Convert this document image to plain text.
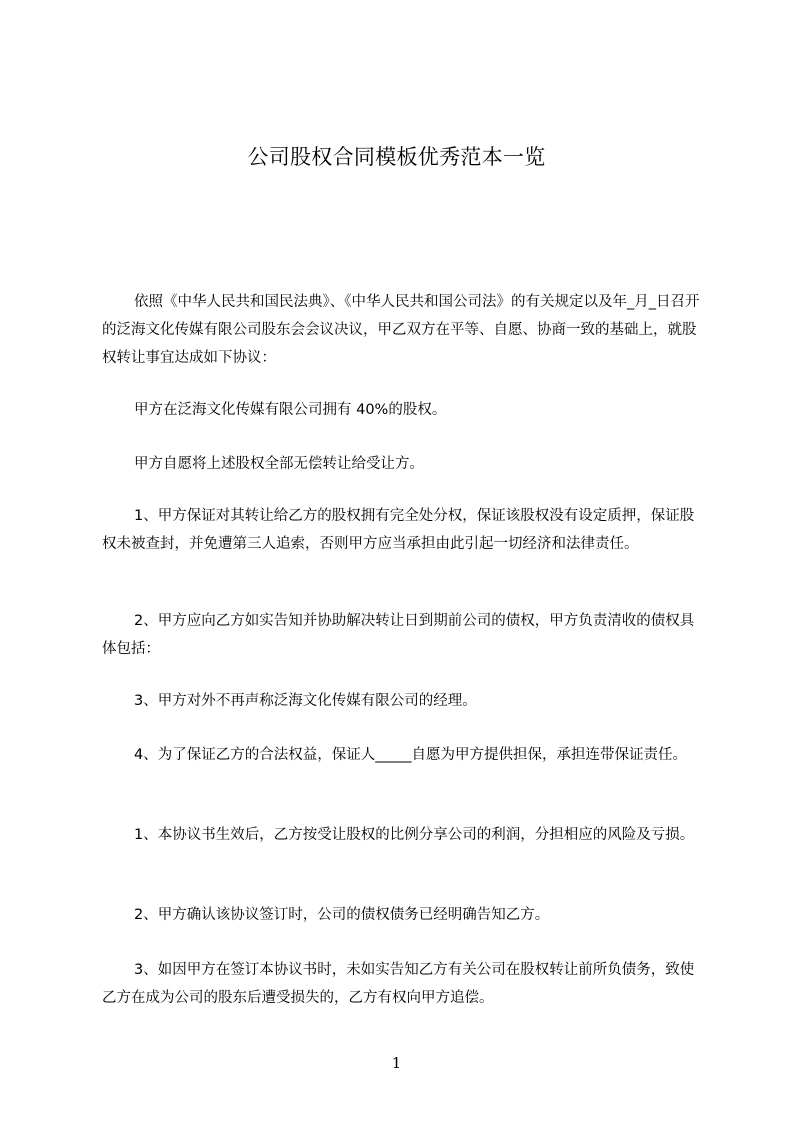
公司股权合同模板优秀范本一览

依照《中华人民共和国民法典》、《中华人民共和国公司法》的有关规定以及年_月_日召开的泛海文化传媒有限公司股东会会议决议，甲乙双方在平等、自愿、协商一致的基础上，就股权转让事宜达成如下协议：

甲方在泛海文化传媒有限公司拥有 40%的股权。

甲方自愿将上述股权全部无偿转让给受让方。

1、甲方保证对其转让给乙方的股权拥有完全处分权，保证该股权没有设定质押，保证股权未被查封，并免遭第三人追索，否则甲方应当承担由此引起一切经济和法律责任。

2、甲方应向乙方如实告知并协助解决转让日到期前公司的债权，甲方负责清收的债权具体包括：

3、甲方对外不再声称泛海文化传媒有限公司的经理。

4、为了保证乙方的合法权益，保证人_____自愿为甲方提供担保，承担连带保证责任。

1、本协议书生效后，乙方按受让股权的比例分享公司的利润，分担相应的风险及亏损。

2、甲方确认该协议签订时，公司的债权债务已经明确告知乙方。

3、如因甲方在签订本协议书时，未如实告知乙方有关公司在股权转让前所负债务，致使乙方在成为公司的股东后遭受损失的，乙方有权向甲方追偿。

1
